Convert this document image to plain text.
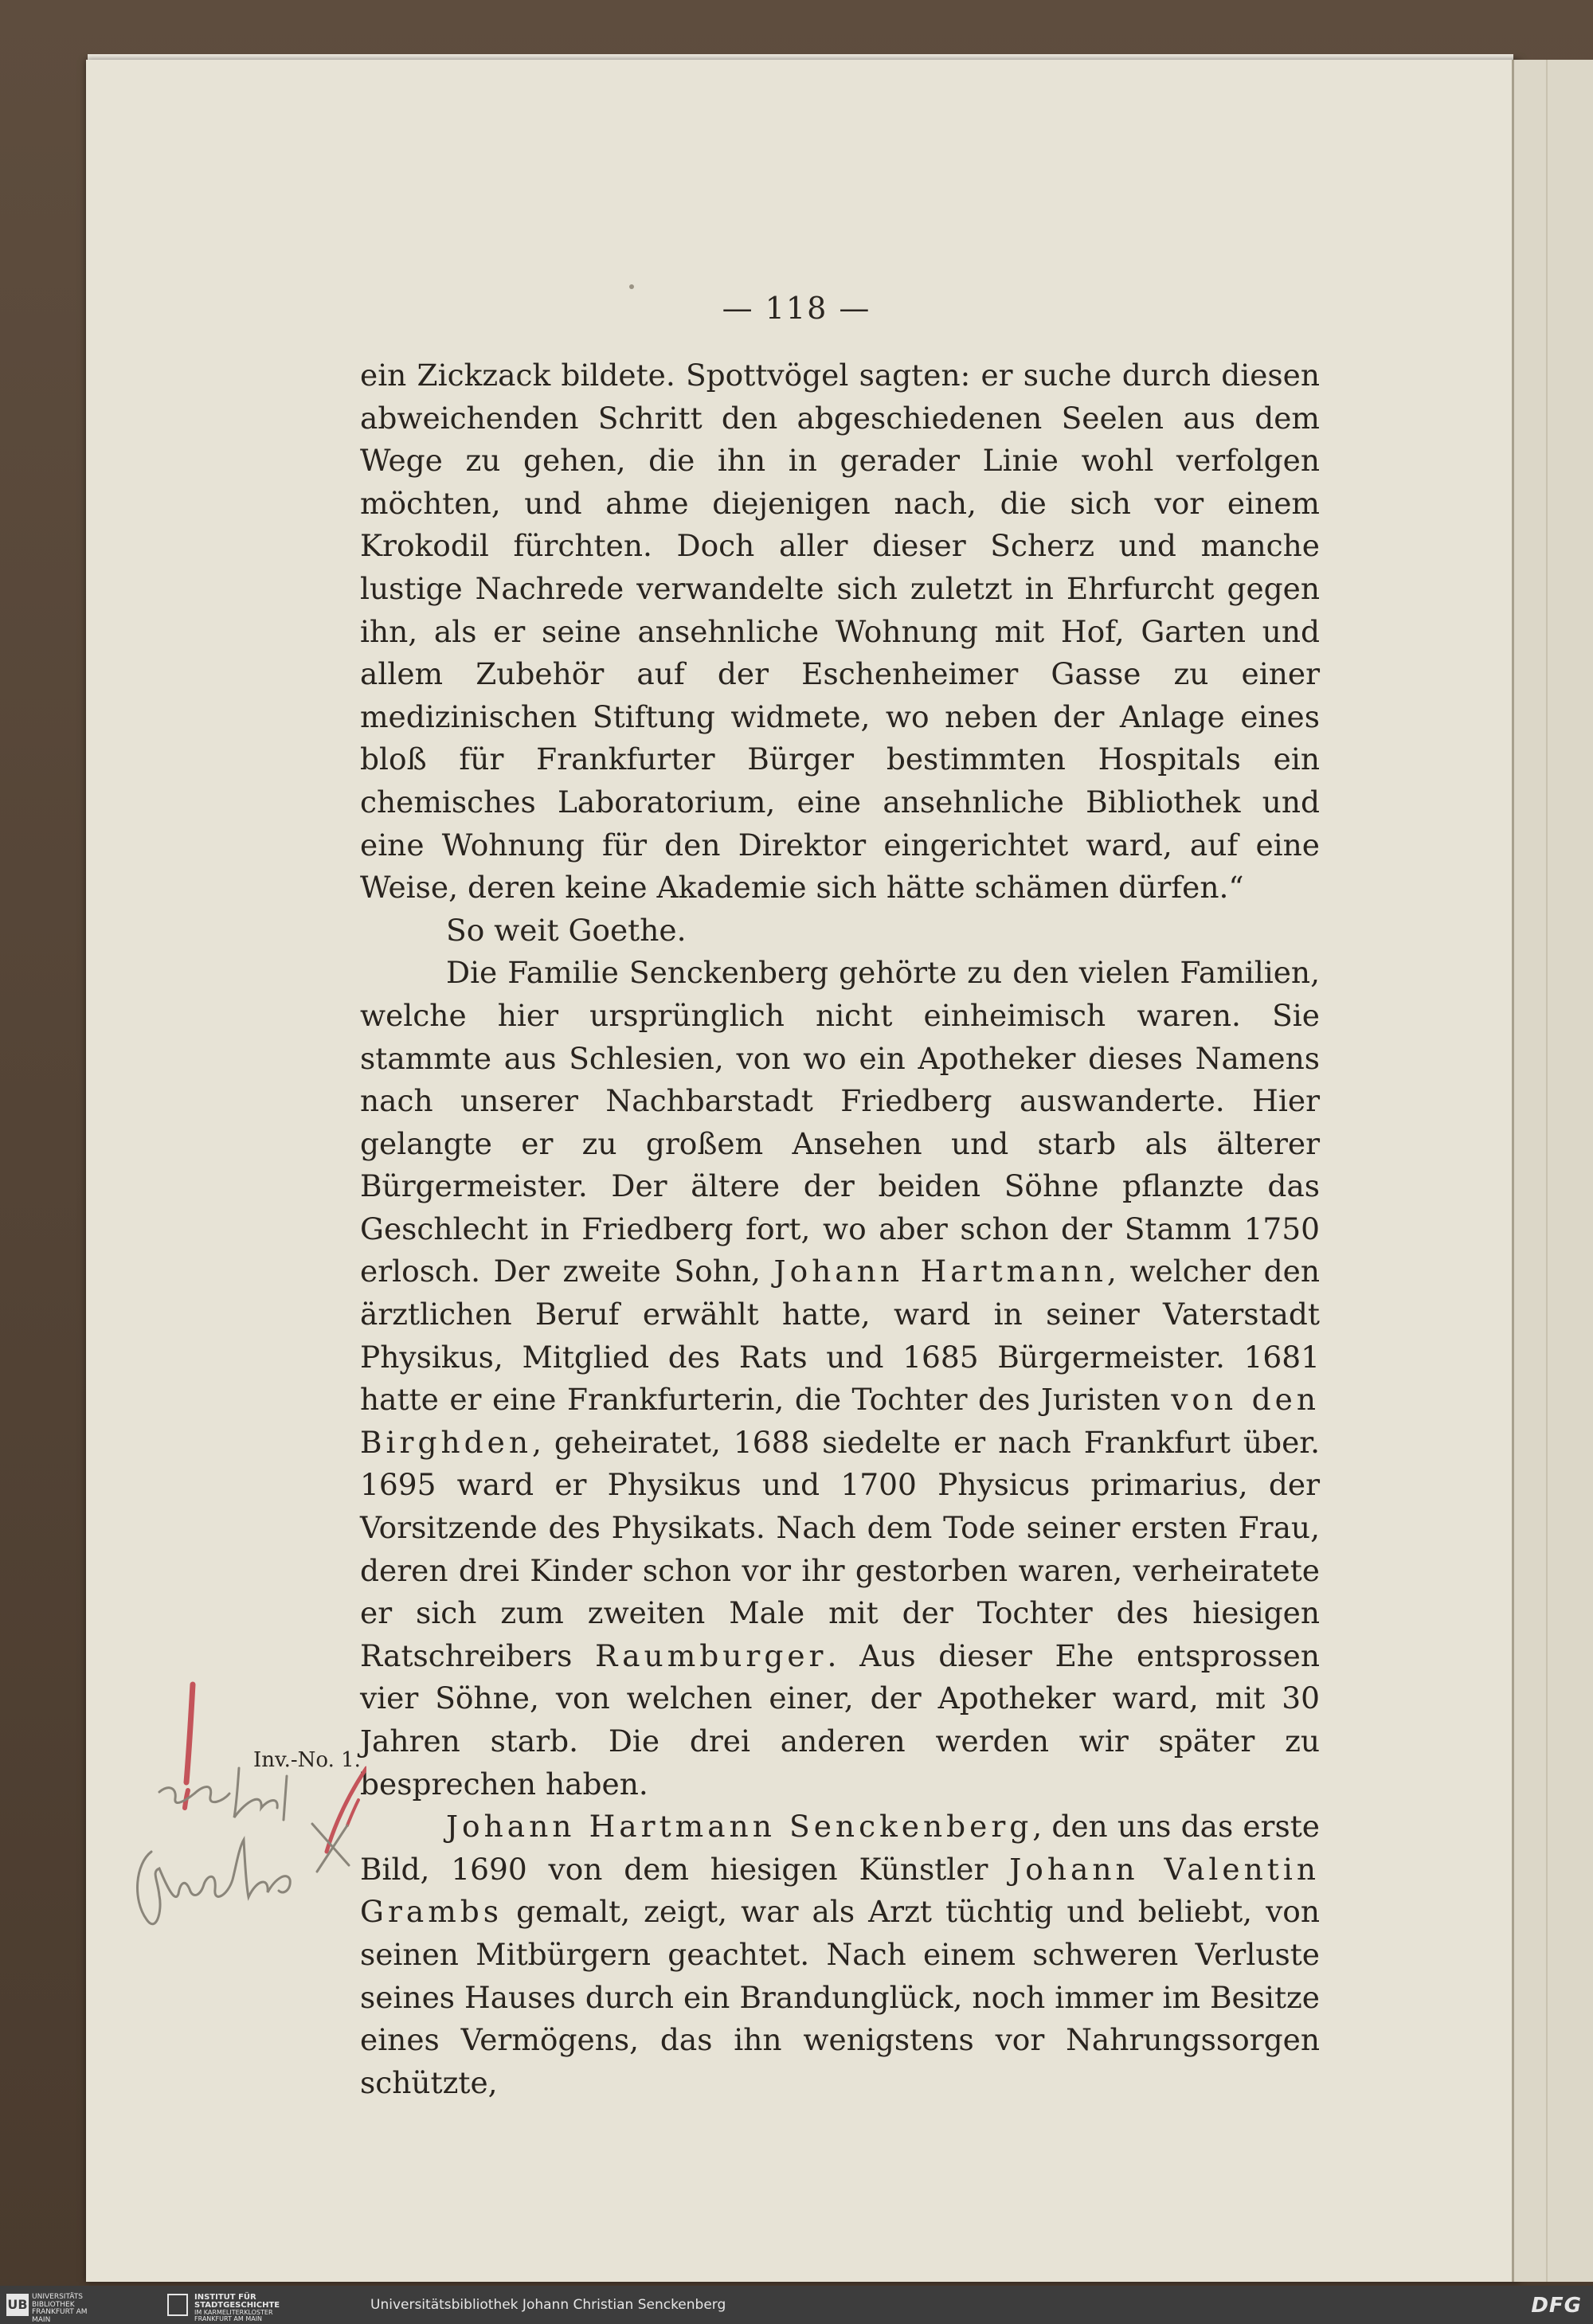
— 118 —

ein Zickzack bildete. Spottvögel sagten: er suche durch diesen abweichenden Schritt den abgeschiedenen Seelen aus dem Wege zu gehen, die ihn in gerader Linie wohl verfolgen möchten, und ahme diejenigen nach, die sich vor einem Krokodil fürchten. Doch aller dieser Scherz und manche lustige Nachrede verwandelte sich zuletzt in Ehrfurcht gegen ihn, als er seine ansehnliche Wohnung mit Hof, Garten und allem Zubehör auf der Eschenheimer Gasse zu einer medizinischen Stiftung widmete, wo neben der Anlage eines bloß für Frankfurter Bürger bestimmten Hospitals ein chemisches Laboratorium, eine ansehnliche Bibliothek und eine Wohnung für den Direktor eingerichtet ward, auf eine Weise, deren keine Akademie sich hätte schämen dürfen.“

So weit Goethe.

Die Familie Senckenberg gehörte zu den vielen Familien, welche hier ursprünglich nicht einheimisch waren. Sie stammte aus Schlesien, von wo ein Apotheker dieses Namens nach unserer Nachbarstadt Friedberg auswanderte. Hier gelangte er zu großem Ansehen und starb als älterer Bürgermeister. Der ältere der beiden Söhne pflanzte das Geschlecht in Friedberg fort, wo aber schon der Stamm 1750 erlosch. Der zweite Sohn, Johann Hartmann, welcher den ärztlichen Beruf erwählt hatte, ward in seiner Vaterstadt Physikus, Mitglied des Rats und 1685 Bürgermeister. 1681 hatte er eine Frankfurterin, die Tochter des Juristen von den Birghden, geheiratet, 1688 siedelte er nach Frankfurt über. 1695 ward er Physikus und 1700 Physicus primarius, der Vorsitzende des Physikats. Nach dem Tode seiner ersten Frau, deren drei Kinder schon vor ihr gestorben waren, verheiratete er sich zum zweiten Male mit der Tochter des hiesigen Ratschreibers Raumburger. Aus dieser Ehe entsprossen vier Söhne, von welchen einer, der Apotheker ward, mit 30 Jahren starb. Die drei anderen werden wir später zu besprechen haben.

Johann Hartmann Senckenberg, den uns das erste Bild, 1690 von dem hiesigen Künstler Johann Valentin Grambs gemalt, zeigt, war als Arzt tüchtig und beliebt, von seinen Mitbürgern geachtet. Nach einem schweren Verluste seines Hauses durch ein Brandunglück, noch immer im Besitze eines Vermögens, das ihn wenigstens vor Nahrungssorgen schützte,

Inv.-No. 1.
UB UNIVERSITÄTS
BIBLIOTHEK
FRANKFURT AM MAIN
INSTITUT FÜR
STADTGESCHICHTE
IM KARMELITERKLOSTER
FRANKFURT AM MAIN
Universitätsbibliothek Johann Christian Senckenberg	DFG
